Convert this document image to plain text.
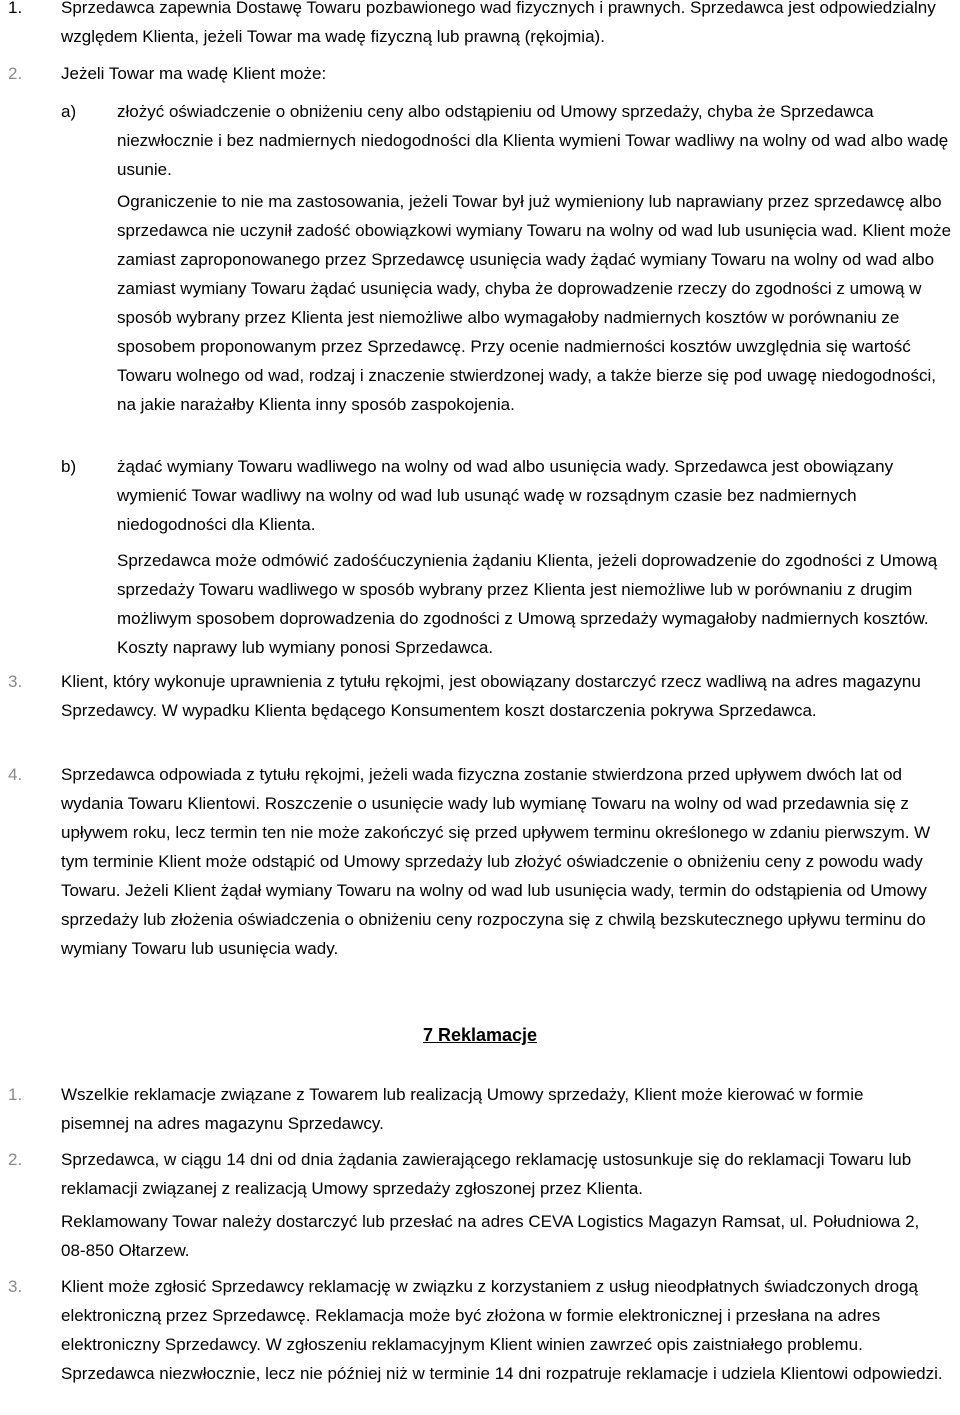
1. Sprzedawca zapewnia Dostawę Towaru pozbawionego wad fizycznych i prawnych. Sprzedawca jest odpowiedzialny względem Klienta, jeżeli Towar ma wadę fizyczną lub prawną (rękojmia).
2. Jeżeli Towar ma wadę Klient może:
a) złożyć oświadczenie o obniżeniu ceny albo odstąpieniu od Umowy sprzedaży, chyba że Sprzedawca niezwłocznie i bez nadmiernych niedogodności dla Klienta wymieni Towar wadliwy na wolny od wad albo wadę usunie.
Ograniczenie to nie ma zastosowania, jeżeli Towar był już wymieniony lub naprawiany przez sprzedawcę albo sprzedawca nie uczynił zadość obowiązkowi wymiany Towaru na wolny od wad lub usunięcia wad. Klient może zamiast zaproponowanego przez Sprzedawcę usunięcia wady żądać wymiany Towaru na wolny od wad albo zamiast wymiany Towaru żądać usunięcia wady, chyba że doprowadzenie rzeczy do zgodności z umową w sposób wybrany przez Klienta jest niemożliwe albo wymagałoby nadmiernych kosztów w porównaniu ze sposobem proponowanym przez Sprzedawcę. Przy ocenie nadmierności kosztów uwzględnia się wartość Towaru wolnego od wad, rodzaj i znaczenie stwierdzonej wady, a także bierze się pod uwagę niedogodności, na jakie narażałby Klienta inny sposób zaspokojenia.
b) żądać wymiany Towaru wadliwego na wolny od wad albo usunięcia wady. Sprzedawca jest obowiązany wymienić Towar wadliwy na wolny od wad lub usunąć wadę w rozsądnym czasie bez nadmiernych niedogodności dla Klienta.
Sprzedawca może odmówić zadośćuczynienia żądaniu Klienta, jeżeli doprowadzenie do zgodności z Umową sprzedaży Towaru wadliwego w sposób wybrany przez Klienta jest niemożliwe lub w porównaniu z drugim możliwym sposobem doprowadzenia do zgodności z Umową sprzedaży wymagałoby nadmiernych kosztów. Koszty naprawy lub wymiany ponosi Sprzedawca.
3. Klient, który wykonuje uprawnienia z tytułu rękojmi, jest obowiązany dostarczyć rzecz wadliwą na adres magazynu Sprzedawcy. W wypadku Klienta będącego Konsumentem koszt dostarczenia pokrywa Sprzedawca.
4. Sprzedawca odpowiada z tytułu rękojmi, jeżeli wada fizyczna zostanie stwierdzona przed upływem dwóch lat od wydania Towaru Klientowi. Roszczenie o usunięcie wady lub wymianę Towaru na wolny od wad przedawnia się z upływem roku, lecz termin ten nie może zakończyć się przed upływem terminu określonego w zdaniu pierwszym. W tym terminie Klient może odstąpić od Umowy sprzedaży lub złożyć oświadczenie o obniżeniu ceny z powodu wady Towaru. Jeżeli Klient żądał wymiany Towaru na wolny od wad lub usunięcia wady, termin do odstąpienia od Umowy sprzedaży lub złożenia oświadczenia o obniżeniu ceny rozpoczyna się z chwilą bezskutecznego upływu terminu do wymiany Towaru lub usunięcia wady.
7 Reklamacje
1. Wszelkie reklamacje związane z Towarem lub realizacją Umowy sprzedaży, Klient może kierować w formie pisemnej na adres magazynu Sprzedawcy.
2. Sprzedawca, w ciągu 14 dni od dnia żądania zawierającego reklamację ustosunkuje się do reklamacji Towaru lub reklamacji związanej z realizacją Umowy sprzedaży zgłoszonej przez Klienta.
Reklamowany Towar należy dostarczyć lub przesłać na adres CEVA Logistics Magazyn Ramsat, ul. Południowa 2, 08-850 Ołtarzew.
3. Klient może zgłosić Sprzedawcy reklamację w związku z korzystaniem z usług nieodpłatnych świadczonych drogą elektroniczną przez Sprzedawcę. Reklamacja może być złożona w formie elektronicznej i przesłana na adres elektroniczny Sprzedawcy. W zgłoszeniu reklamacyjnym Klient winien zawrzeć opis zaistniałego problemu. Sprzedawca niezwłocznie, lecz nie później niż w terminie 14 dni rozpatruje reklamacje i udziela Klientowi odpowiedzi.
